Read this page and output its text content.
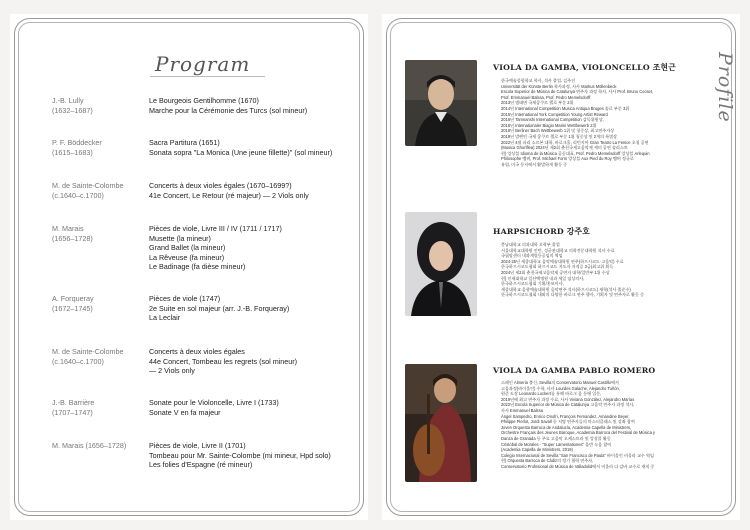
Program
J.-B. Lully
(1632–1687)
Le Bourgeois Gentilhomme (1670)
Marche pour la Cérémonie des Turcs (sol mineur)
P. F. Böddecker
(1615–1683)
Sacra Partitura (1651)
Sonata sopra "La Monica (Une jeune fillette)" (sol mineur)
M. de Sainte-Colombe
(c.1640–c.1700)
Concerts à deux violes égales (1670–1699?)
41e Concert, Le Retour (ré majeur) — 2 Viols only
M. Marais
(1656–1728)
Pièces de viole, Livre III / IV (1711 / 1717)
Musette (la mineur)
Grand Ballet (la mineur)
La Rêveuse (fa mineur)
Le Badinage (fa dièse mineur)
A. Forqueray
(1672–1745)
Pièces de viole (1747)
2e Suite en sol majeur (arr. J.-B. Forqueray)
La Leclair
M. de Sainte-Colombe
(c.1640–c.1700)
Concerts à deux violes égales
44e Concert, Tombeau les regrets (sol mineur)
— 2 Viols only
J.-B. Barrière
(1707–1747)
Sonate pour le Violoncelle, Livre I (1733)
Sonate V en fa majeur
M. Marais (1656–1728)	Pièces de viole, Livre II (1701)
Tombeau pour Mr. Sainte-Colombe (mi mineur, Hpd solo)
Les folies d'Espagne (ré mineur)
Profile
VIOLA DA GAMBA, VIOLONCELLO 조현근
• 한국예술종합학교 학사, 석사 졸업, 김주진
• Universität der Künste Berlin 학사과정, 사사 Markus Möllenbeck
• Escola Superior de Música de Catalunya 연주자 과정 학사, 사사 Prof. Bruno Cocset,
• Prof. Emmanuel Balssa, Prof. Pedro Memelsdorff
• 2013년 범태면 국제콩쿠르 첼로 부문 2위
• 2014년 International Competition Musica Antiqua Bruges 솔로 부문 3위
• 2015년 International York Competition Young Artist Reward
• 2016년 Tamnanshi International Competition 감독위원상,
• 2016년 Internationaler Biagio Marini Wettbewerb 2위
• 2018년 Berliner Bach Wettbewerb 1위 및 청중상, 최고연주자상
• 2019년 발렌틴 국제 콩쿠르 첼로 부문 1위 청중상 및 2개의 특별상
• 2022년 4월 파리 소르본 대학, 바로크홀, 리턴지아 Gran Teatro La Fenice 초청 공연
• (Musica Ghoriflea) 2024년 제2회 춘천국제고음악제 세미 공연 솔리스트
• 현) 앙상블 Idioma de la Música 공동대표, Prof. Pedro Memelsdorff 앙상블 Arlequin
• Philosophe 멤버, Prof. Michael Form 앙상블 Aux Pied du Roy 멤버 정규로
• 유럽, 미국 등지에서 활발하게 활동 중
HARPSICHORD 강주호
• 충남대학교 의과대학 오락부 졸업
• 서울대학교대학원 인턴, 성균관대학교 의학전문대학원 석사 수료
• 국립암센터 내과계열등공임의 역임
• 2024-25년 세종대학교 음악예술대학원 연주(하프시코드·고음악) 수료
• 한국하프시코드협회 하프시코드 지도자 자격증 3급(최고위 획득
• 2024년 제2회 춘천국제고음악제 공연자 대학/일반부 1위 수상
• 현) 인제대학교 일산백병원 내과 세일 임상의사,
• 한국하프시코드협회 기획/홍보이사,
• 세종대학교 음향예술대학원 음악연주 석사(하프시코드) 재학(석사 졸준수)
• 한국하프시코드협회 내외의 다양한 바로크 연주 행사, 기획자 및 연주자로 활동 중
VIOLA DA GAMBA PABLO ROMERO
• 스페인 Almeria 출신, Sevilla의 Conservatorio Manuel Castillo에서
• 고음과정(바이올린) 수학, 사사 Lourdes Galache, Alejandro Tuñón,
• 원준 도장 Leonardo Luckert를 통해 바로크 음 등에 입문,
• 2019년에 최고 연주자 과정 수료, 사사 Viviana González, Alejandro Marías
• 2022년 Escola Superior de Música de Catalunya 고음악 연주자 과정 석사,
• 사사 Emmanuel Balssa
• Ángel Sampedro, Enrico Onofri, François Fernandez, Amandine Beyer,
• Philippe Pierlot, Jordi Savall 등 저명 연주자들의 마스터클래스 및 강좌 참여
• Joven Orquesta Barroca de Andalucía, Academia Capella de Ministrers,
• Orchestre Français des Jeunes Baroque, Academia Barroca del Festival de Música y
• Danza de Granada 등 주요 고음악 오케스트라 및 앙상블 활동
• Cristóbal de Morales - "Super Lamentationes" 음반 녹음 참여
• (Academia Capella de Ministrers, 2019)
• Colegio Internacional de Sevilla "San Francisco de Paula" 바이올린 비올라 교수 역임
• 현) Orquesta Barroca de Cádiz의 정기 협력 연주자,
• Conservatorio Profesional de Música de Valladolid에서 비올라 다 감바 교수로 재직 중
